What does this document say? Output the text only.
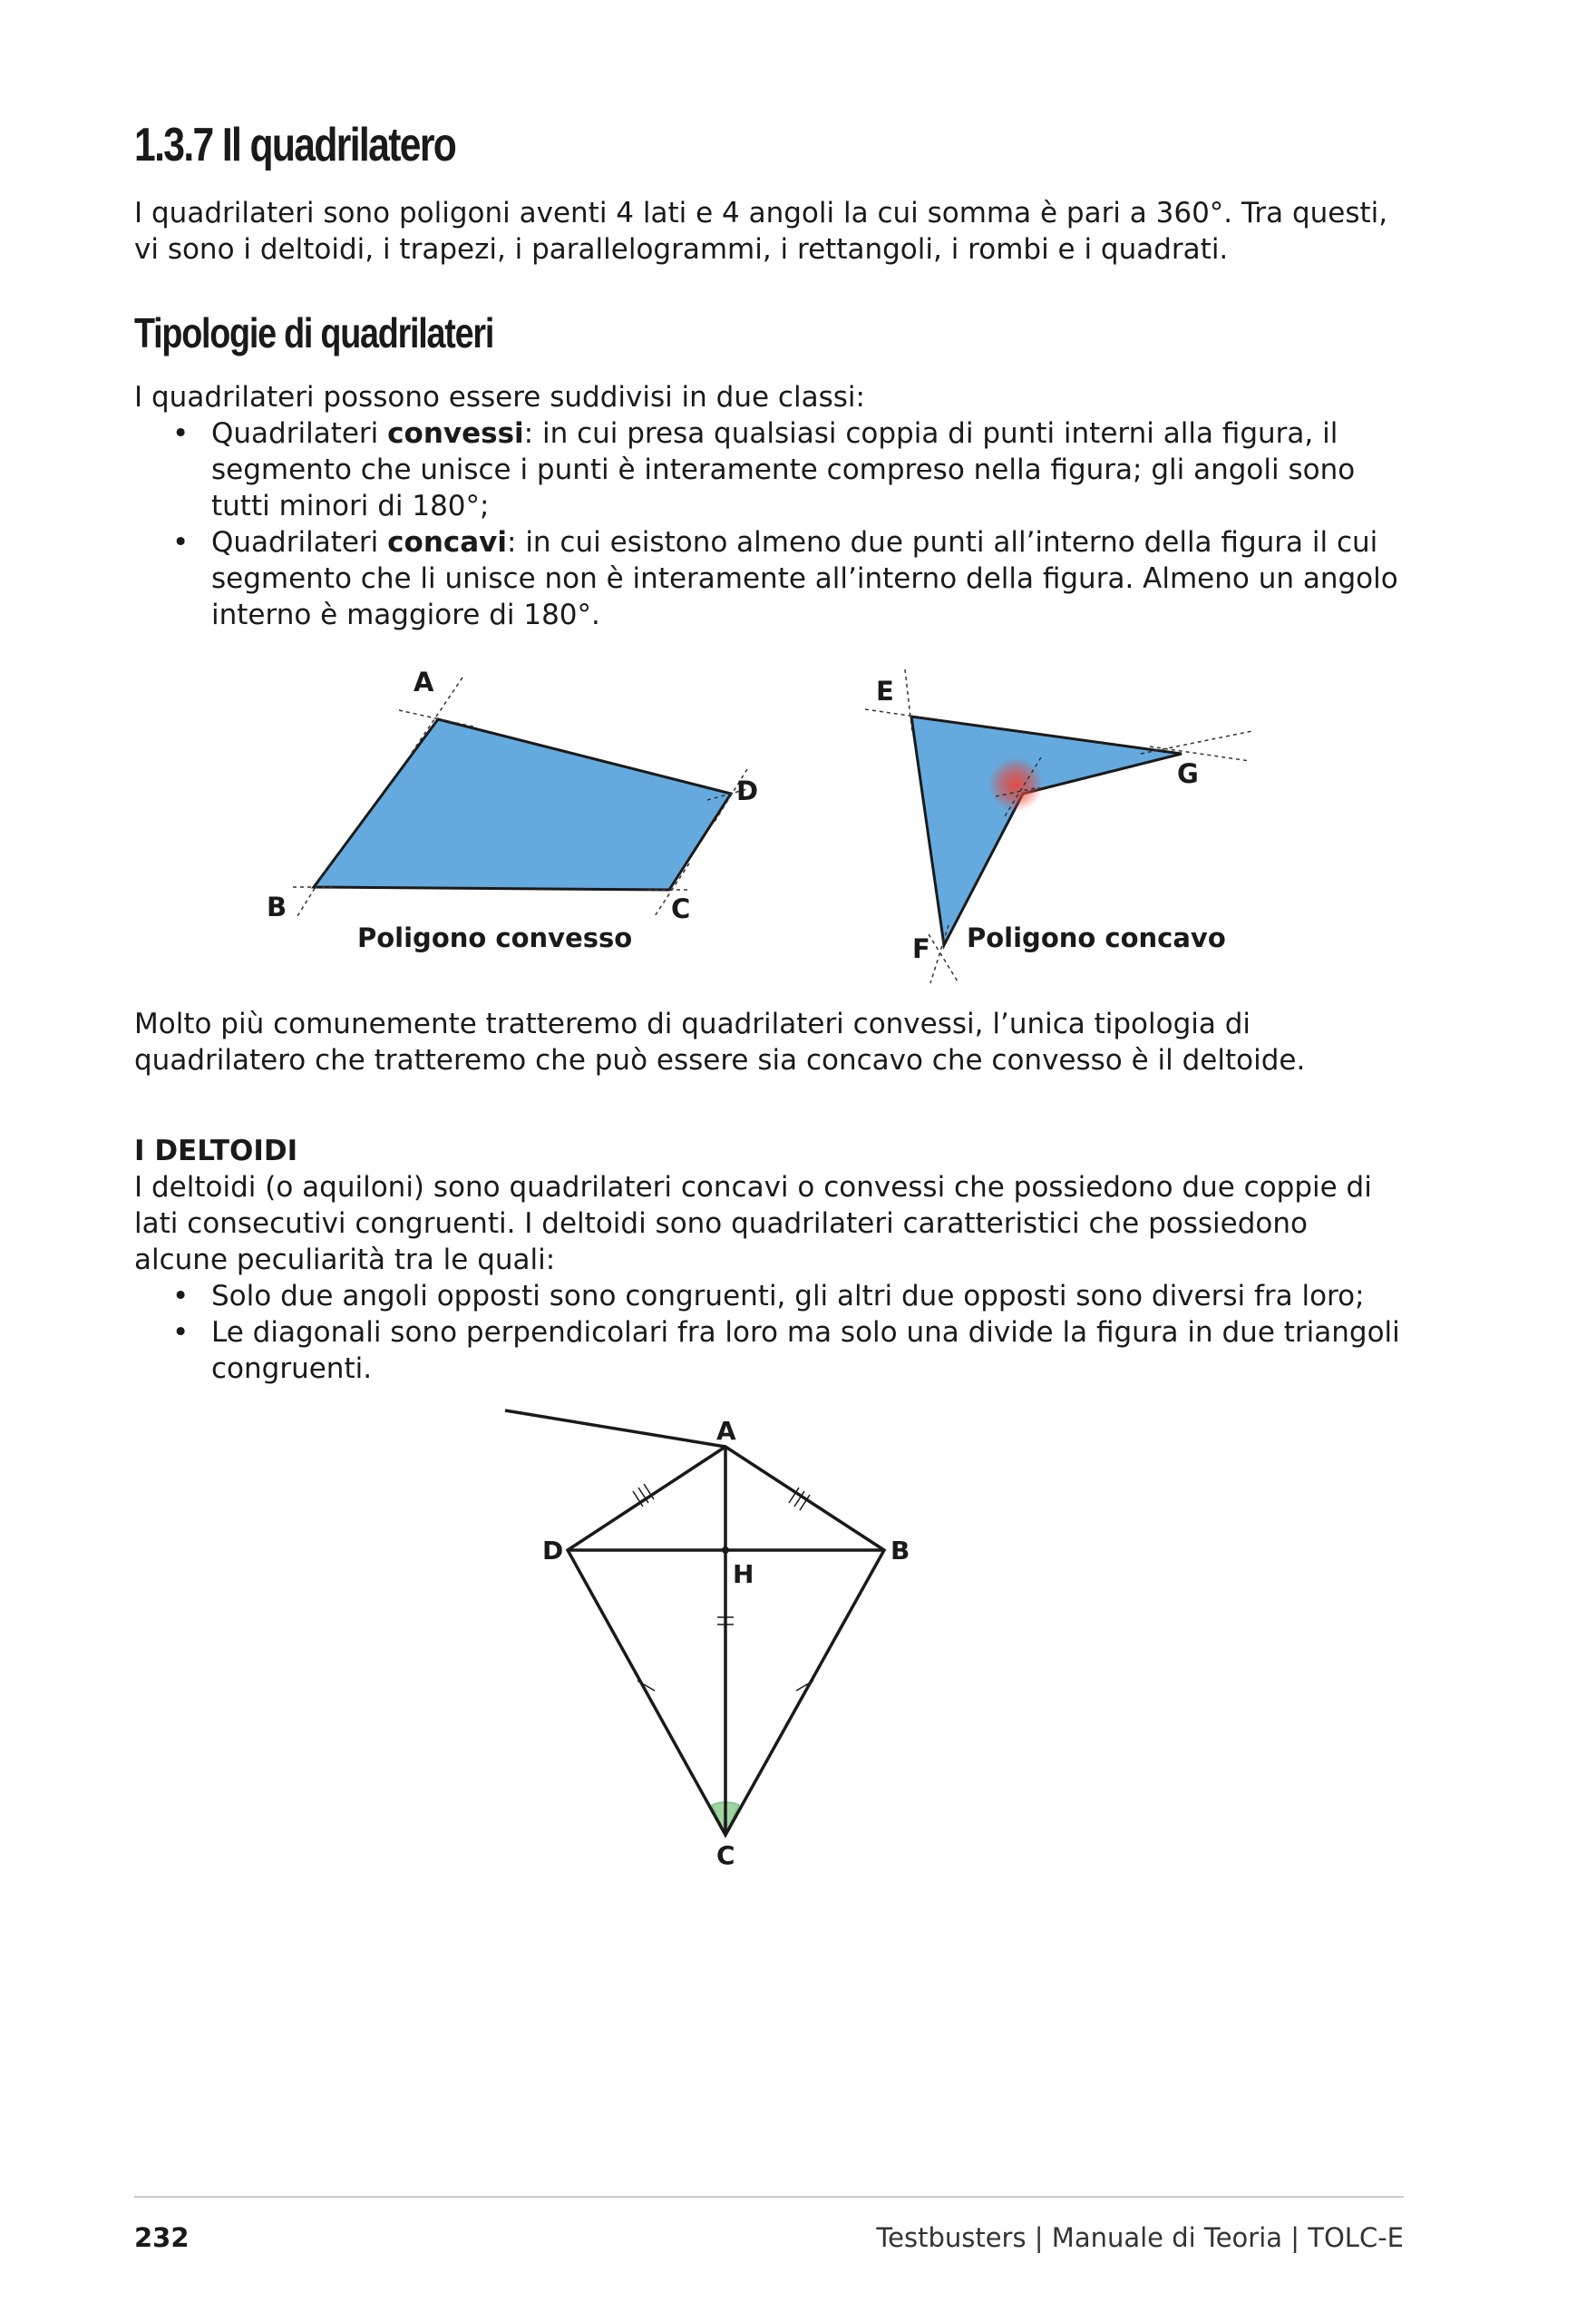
1.3.7 Il quadrilatero

I quadrilateri sono poligoni aventi 4 lati e 4 angoli la cui somma è pari a 360°. Tra questi, vi sono i deltoidi, i trapezi, i parallelogrammi, i rettangoli, i rombi e i quadrati.

Tipologie di quadrilateri

I quadrilateri possono essere suddivisi in due classi:

• Quadrilateri convessi: in cui presa qualsiasi coppia di punti interni alla figura, il segmento che unisce i punti è interamente compreso nella figura; gli angoli sono tutti minori di 180°;
• Quadrilateri concavi: in cui esistono almeno due punti all’interno della figura il cui segmento che li unisce non è interamente all’interno della figura. Almeno un angolo interno è maggiore di 180°.
A
B	C
D
Poligono convesso
E
F
G
Poligono concavo

Molto più comunemente tratteremo di quadrilateri convessi, l’unica tipologia di quadrilatero che tratteremo che può essere sia concavo che convesso è il deltoide.

I DELTOIDI

I deltoidi (o aquiloni) sono quadrilateri concavi o convessi che possiedono due coppie di lati consecutivi congruenti. I deltoidi sono quadrilateri caratteristici che possiedono alcune peculiarità tra le quali:

• Solo due angoli opposti sono congruenti, gli altri due opposti sono diversi fra loro;
• Le diagonali sono perpendicolari fra loro ma solo una divide la figura in due triangoli congruenti.
A
B
C
D
H
232	Testbusters | Manuale di Teoria | TOLC-E
